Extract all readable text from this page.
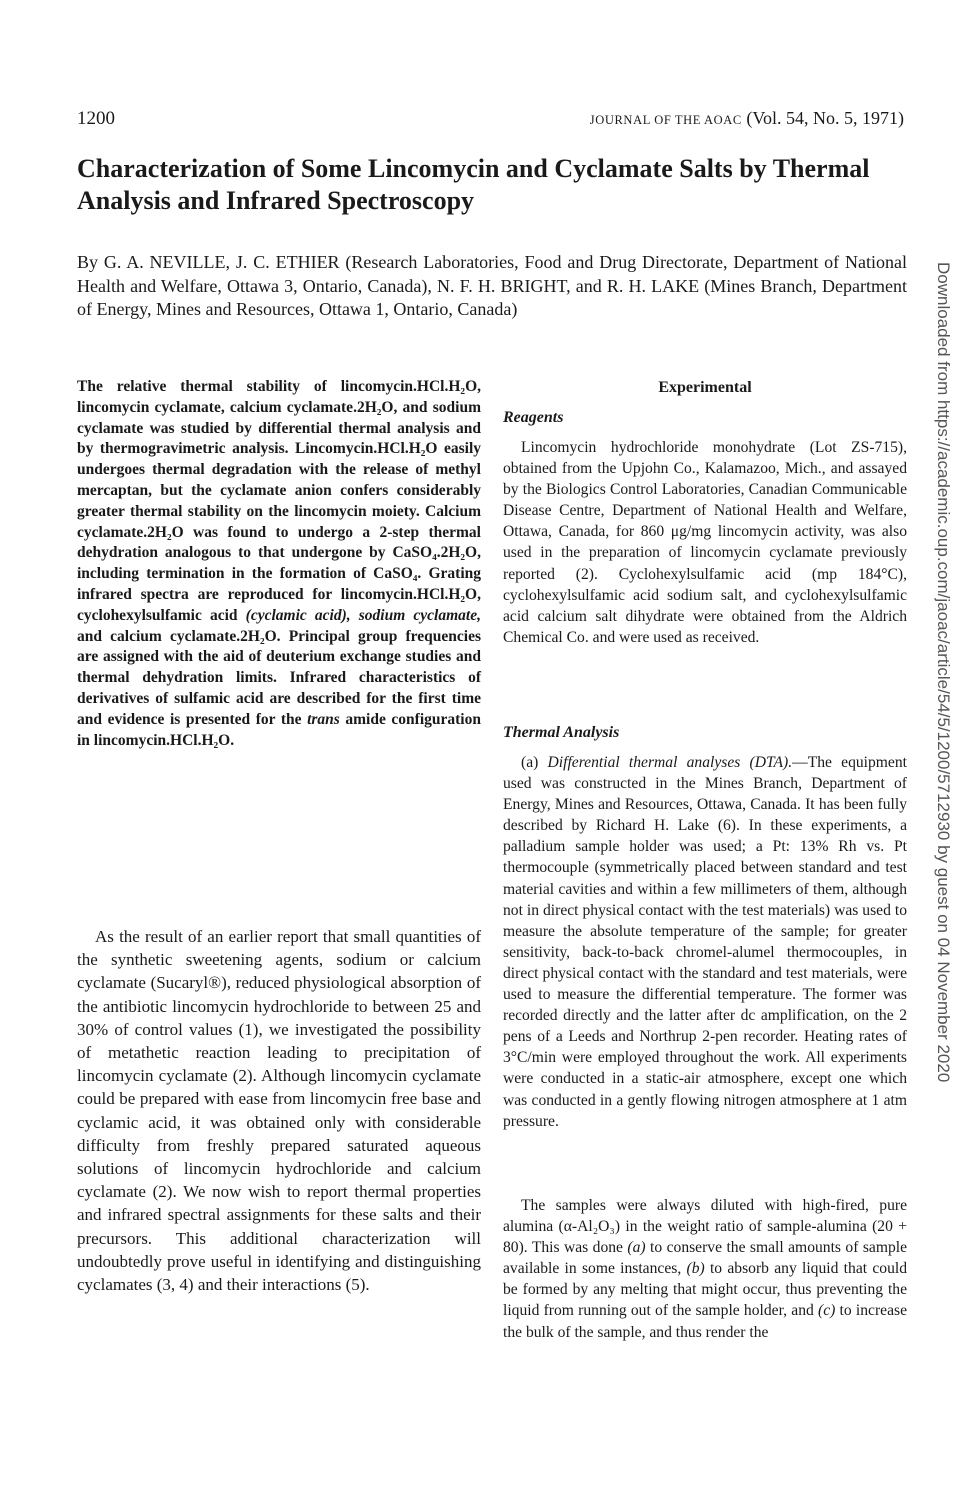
1200	JOURNAL OF THE AOAC (Vol. 54, No. 5, 1971)
Characterization of Some Lincomycin and Cyclamate Salts by Thermal Analysis and Infrared Spectroscopy

By G. A. NEVILLE, J. C. ETHIER (Research Laboratories, Food and Drug Directorate, Department of National Health and Welfare, Ottawa 3, Ontario, Canada), N. F. H. BRIGHT, and R. H. LAKE (Mines Branch, Department of Energy, Mines and Resources, Ottawa 1, Ontario, Canada)

The relative thermal stability of lincomycin.HCl.H₂O, lincomycin cyclamate, calcium cyclamate.2H₂O, and sodium cyclamate was studied by differential thermal analysis and by thermogravimetric analysis. Lincomycin.HCl.H₂O easily undergoes thermal degradation with the release of methyl mercaptan, but the cyclamate anion confers considerably greater thermal stability on the lincomycin moiety. Calcium cyclamate.2H₂O was found to undergo a 2-step thermal dehydration analogous to that undergone by CaSO₄.2H₂O, including termination in the formation of CaSO₄. Grating infrared spectra are reproduced for lincomycin.HCl.H₂O, cyclohexylsulfamic acid (cyclamic acid), sodium cyclamate, and calcium cyclamate.2H₂O. Principal group frequencies are assigned with the aid of deuterium exchange studies and thermal dehydration limits. Infrared characteristics of derivatives of sulfamic acid are described for the first time and evidence is presented for the trans amide configuration in lincomycin.HCl.H₂O.

As the result of an earlier report that small quantities of the synthetic sweetening agents, sodium or calcium cyclamate (Sucaryl®), reduced physiological absorption of the antibiotic lincomycin hydrochloride to between 25 and 30% of control values (1), we investigated the possibility of metathetic reaction leading to precipitation of lincomycin cyclamate (2). Although lincomycin cyclamate could be prepared with ease from lincomycin free base and cyclamic acid, it was obtained only with considerable difficulty from freshly prepared saturated aqueous solutions of lincomycin hydrochloride and calcium cyclamate (2). We now wish to report thermal properties and infrared spectral assignments for these salts and their precursors. This additional characterization will undoubtedly prove useful in identifying and distinguishing cyclamates (3, 4) and their interactions (5).

Experimental
Reagents

Lincomycin hydrochloride monohydrate (Lot ZS-715), obtained from the Upjohn Co., Kalamazoo, Mich., and assayed by the Biologics Control Laboratories, Canadian Communicable Disease Centre, Department of National Health and Welfare, Ottawa, Canada, for 860 μg/mg lincomycin activity, was also used in the preparation of lincomycin cyclamate previously reported (2). Cyclohexylsulfamic acid (mp 184°C), cyclohexylsulfamic acid sodium salt, and cyclohexylsulfamic acid calcium salt dihydrate were obtained from the Aldrich Chemical Co. and were used as received.

Thermal Analysis

(a) Differential thermal analyses (DTA).—The equipment used was constructed in the Mines Branch, Department of Energy, Mines and Resources, Ottawa, Canada. It has been fully described by Richard H. Lake (6). In these experiments, a palladium sample holder was used; a Pt: 13% Rh vs. Pt thermocouple (symmetrically placed between standard and test material cavities and within a few millimeters of them, although not in direct physical contact with the test materials) was used to measure the absolute temperature of the sample; for greater sensitivity, back-to-back chromel-alumel thermocouples, in direct physical contact with the standard and test materials, were used to measure the differential temperature. The former was recorded directly and the latter after dc amplification, on the 2 pens of a Leeds and Northrup 2-pen recorder. Heating rates of 3°C/min were employed throughout the work. All experiments were conducted in a static-air atmosphere, except one which was conducted in a gently flowing nitrogen atmosphere at 1 atm pressure.

The samples were always diluted with high-fired, pure alumina (α-Al₂O₃) in the weight ratio of sample-alumina (20 + 80). This was done (a) to conserve the small amounts of sample available in some instances, (b) to absorb any liquid that could be formed by any melting that might occur, thus preventing the liquid from running out of the sample holder, and (c) to increase the bulk of the sample, and thus render the

Downloaded from https://academic.oup.com/jaoac/article/54/5/1200/5712930 by guest on 04 November 2020
